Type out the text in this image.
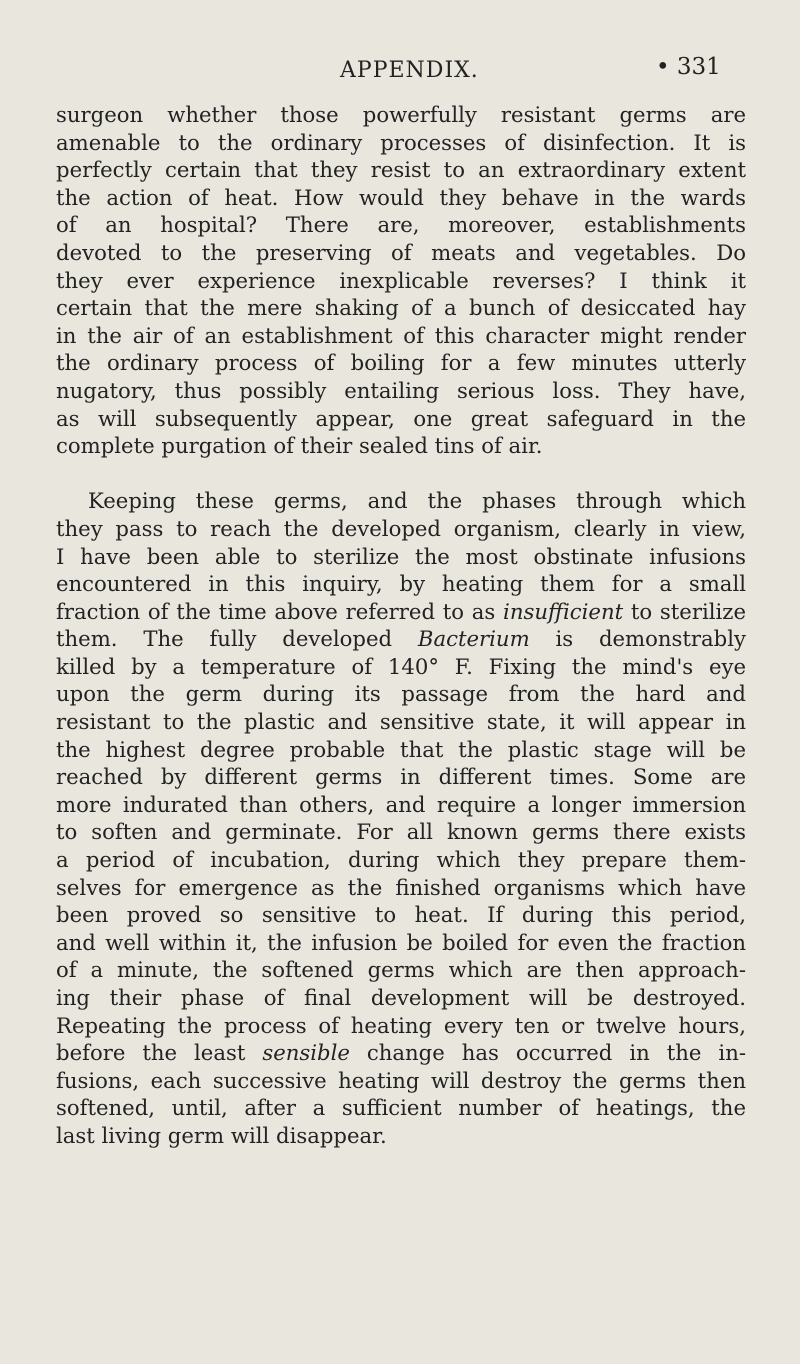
APPENDIX.	• 331
surgeon whether those powerfully resistant germs are
amenable to the ordinary processes of disinfection. It is
perfectly certain that they resist to an extraordinary extent
the action of heat. How would they behave in the wards
of an hospital? There are, moreover, establishments
devoted to the preserving of meats and vegetables. Do
they ever experience inexplicable reverses? I think it
certain that the mere shaking of a bunch of desiccated hay
in the air of an establishment of this character might render
the ordinary process of boiling for a few minutes utterly
nugatory, thus possibly entailing serious loss. They have,
as will subsequently appear, one great safeguard in the
complete purgation of their sealed tins of air.
Keeping these germs, and the phases through which
they pass to reach the developed organism, clearly in view,
I have been able to sterilize the most obstinate infusions
encountered in this inquiry, by heating them for a small
fraction of the time above referred to as insufficient to sterilize
them. The fully developed Bacterium is demonstrably
killed by a temperature of 140° F. Fixing the mind's eye
upon the germ during its passage from the hard and
resistant to the plastic and sensitive state, it will appear in
the highest degree probable that the plastic stage will be
reached by different germs in different times. Some are
more indurated than others, and require a longer immersion
to soften and germinate. For all known germs there exists
a period of incubation, during which they prepare them-
selves for emergence as the finished organisms which have
been proved so sensitive to heat. If during this period,
and well within it, the infusion be boiled for even the fraction
of a minute, the softened germs which are then approach-
ing their phase of final development will be destroyed.
Repeating the process of heating every ten or twelve hours,
before the least sensible change has occurred in the in-
fusions, each successive heating will destroy the germs then
softened, until, after a sufficient number of heatings, the
last living germ will disappear.
